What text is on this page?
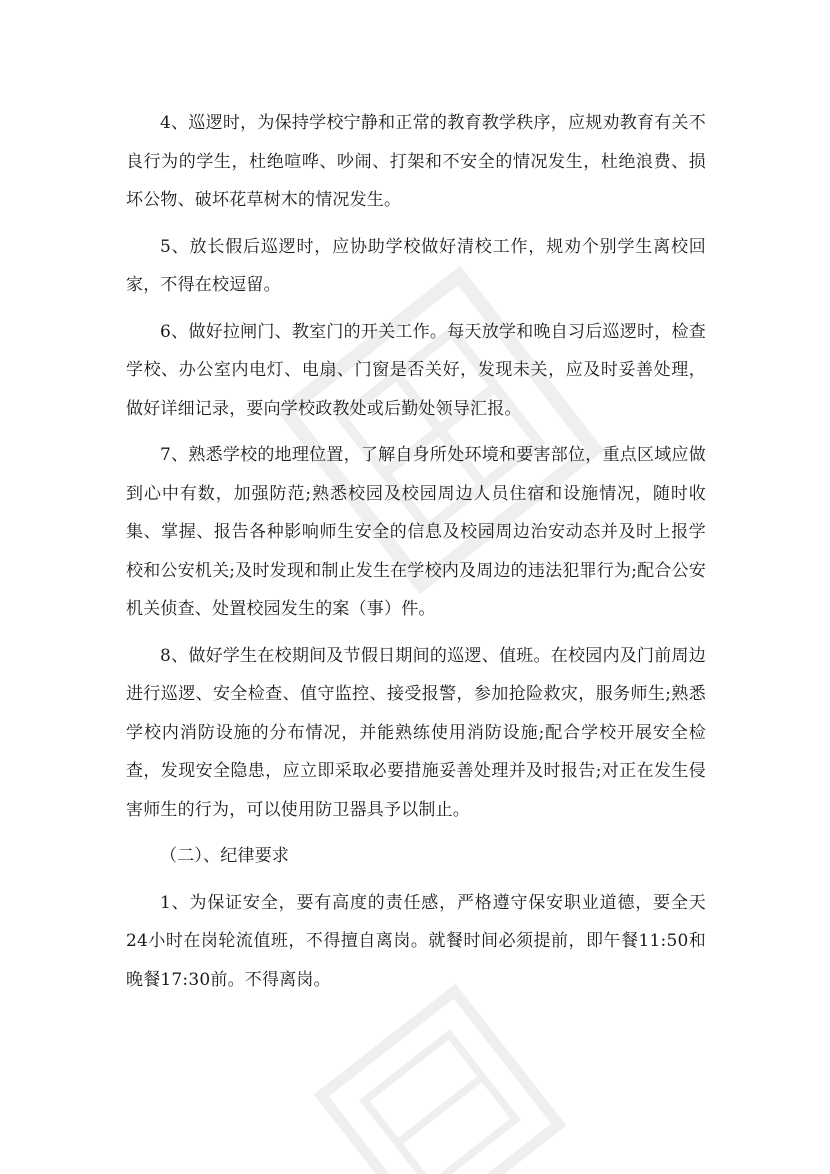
4、巡逻时，为保持学校宁静和正常的教育教学秩序，应规劝教育有关不良行为的学生，杜绝喧哗、吵闹、打架和不安全的情况发生，杜绝浪费、损坏公物、破坏花草树木的情况发生。

5、放长假后巡逻时，应协助学校做好清校工作，规劝个别学生离校回家，不得在校逗留。

6、做好拉闸门、教室门的开关工作。每天放学和晚自习后巡逻时，检查学校、办公室内电灯、电扇、门窗是否关好，发现未关，应及时妥善处理，做好详细记录，要向学校政教处或后勤处领导汇报。

7、熟悉学校的地理位置，了解自身所处环境和要害部位，重点区域应做到心中有数，加强防范;熟悉校园及校园周边人员住宿和设施情况，随时收集、掌握、报告各种影响师生安全的信息及校园周边治安动态并及时上报学校和公安机关;及时发现和制止发生在学校内及周边的违法犯罪行为;配合公安机关侦查、处置校园发生的案（事）件。

8、做好学生在校期间及节假日期间的巡逻、值班。在校园内及门前周边进行巡逻、安全检查、值守监控、接受报警，参加抢险救灾，服务师生;熟悉学校内消防设施的分布情况，并能熟练使用消防设施;配合学校开展安全检查，发现安全隐患，应立即采取必要措施妥善处理并及时报告;对正在发生侵害师生的行为，可以使用防卫器具予以制止。

（二）、纪律要求

1、为保证安全，要有高度的责任感，严格遵守保安职业道德，要全天24小时在岗轮流值班，不得擅自离岗。就餐时间必须提前，即午餐11:50和晚餐17:30前。不得离岗。
